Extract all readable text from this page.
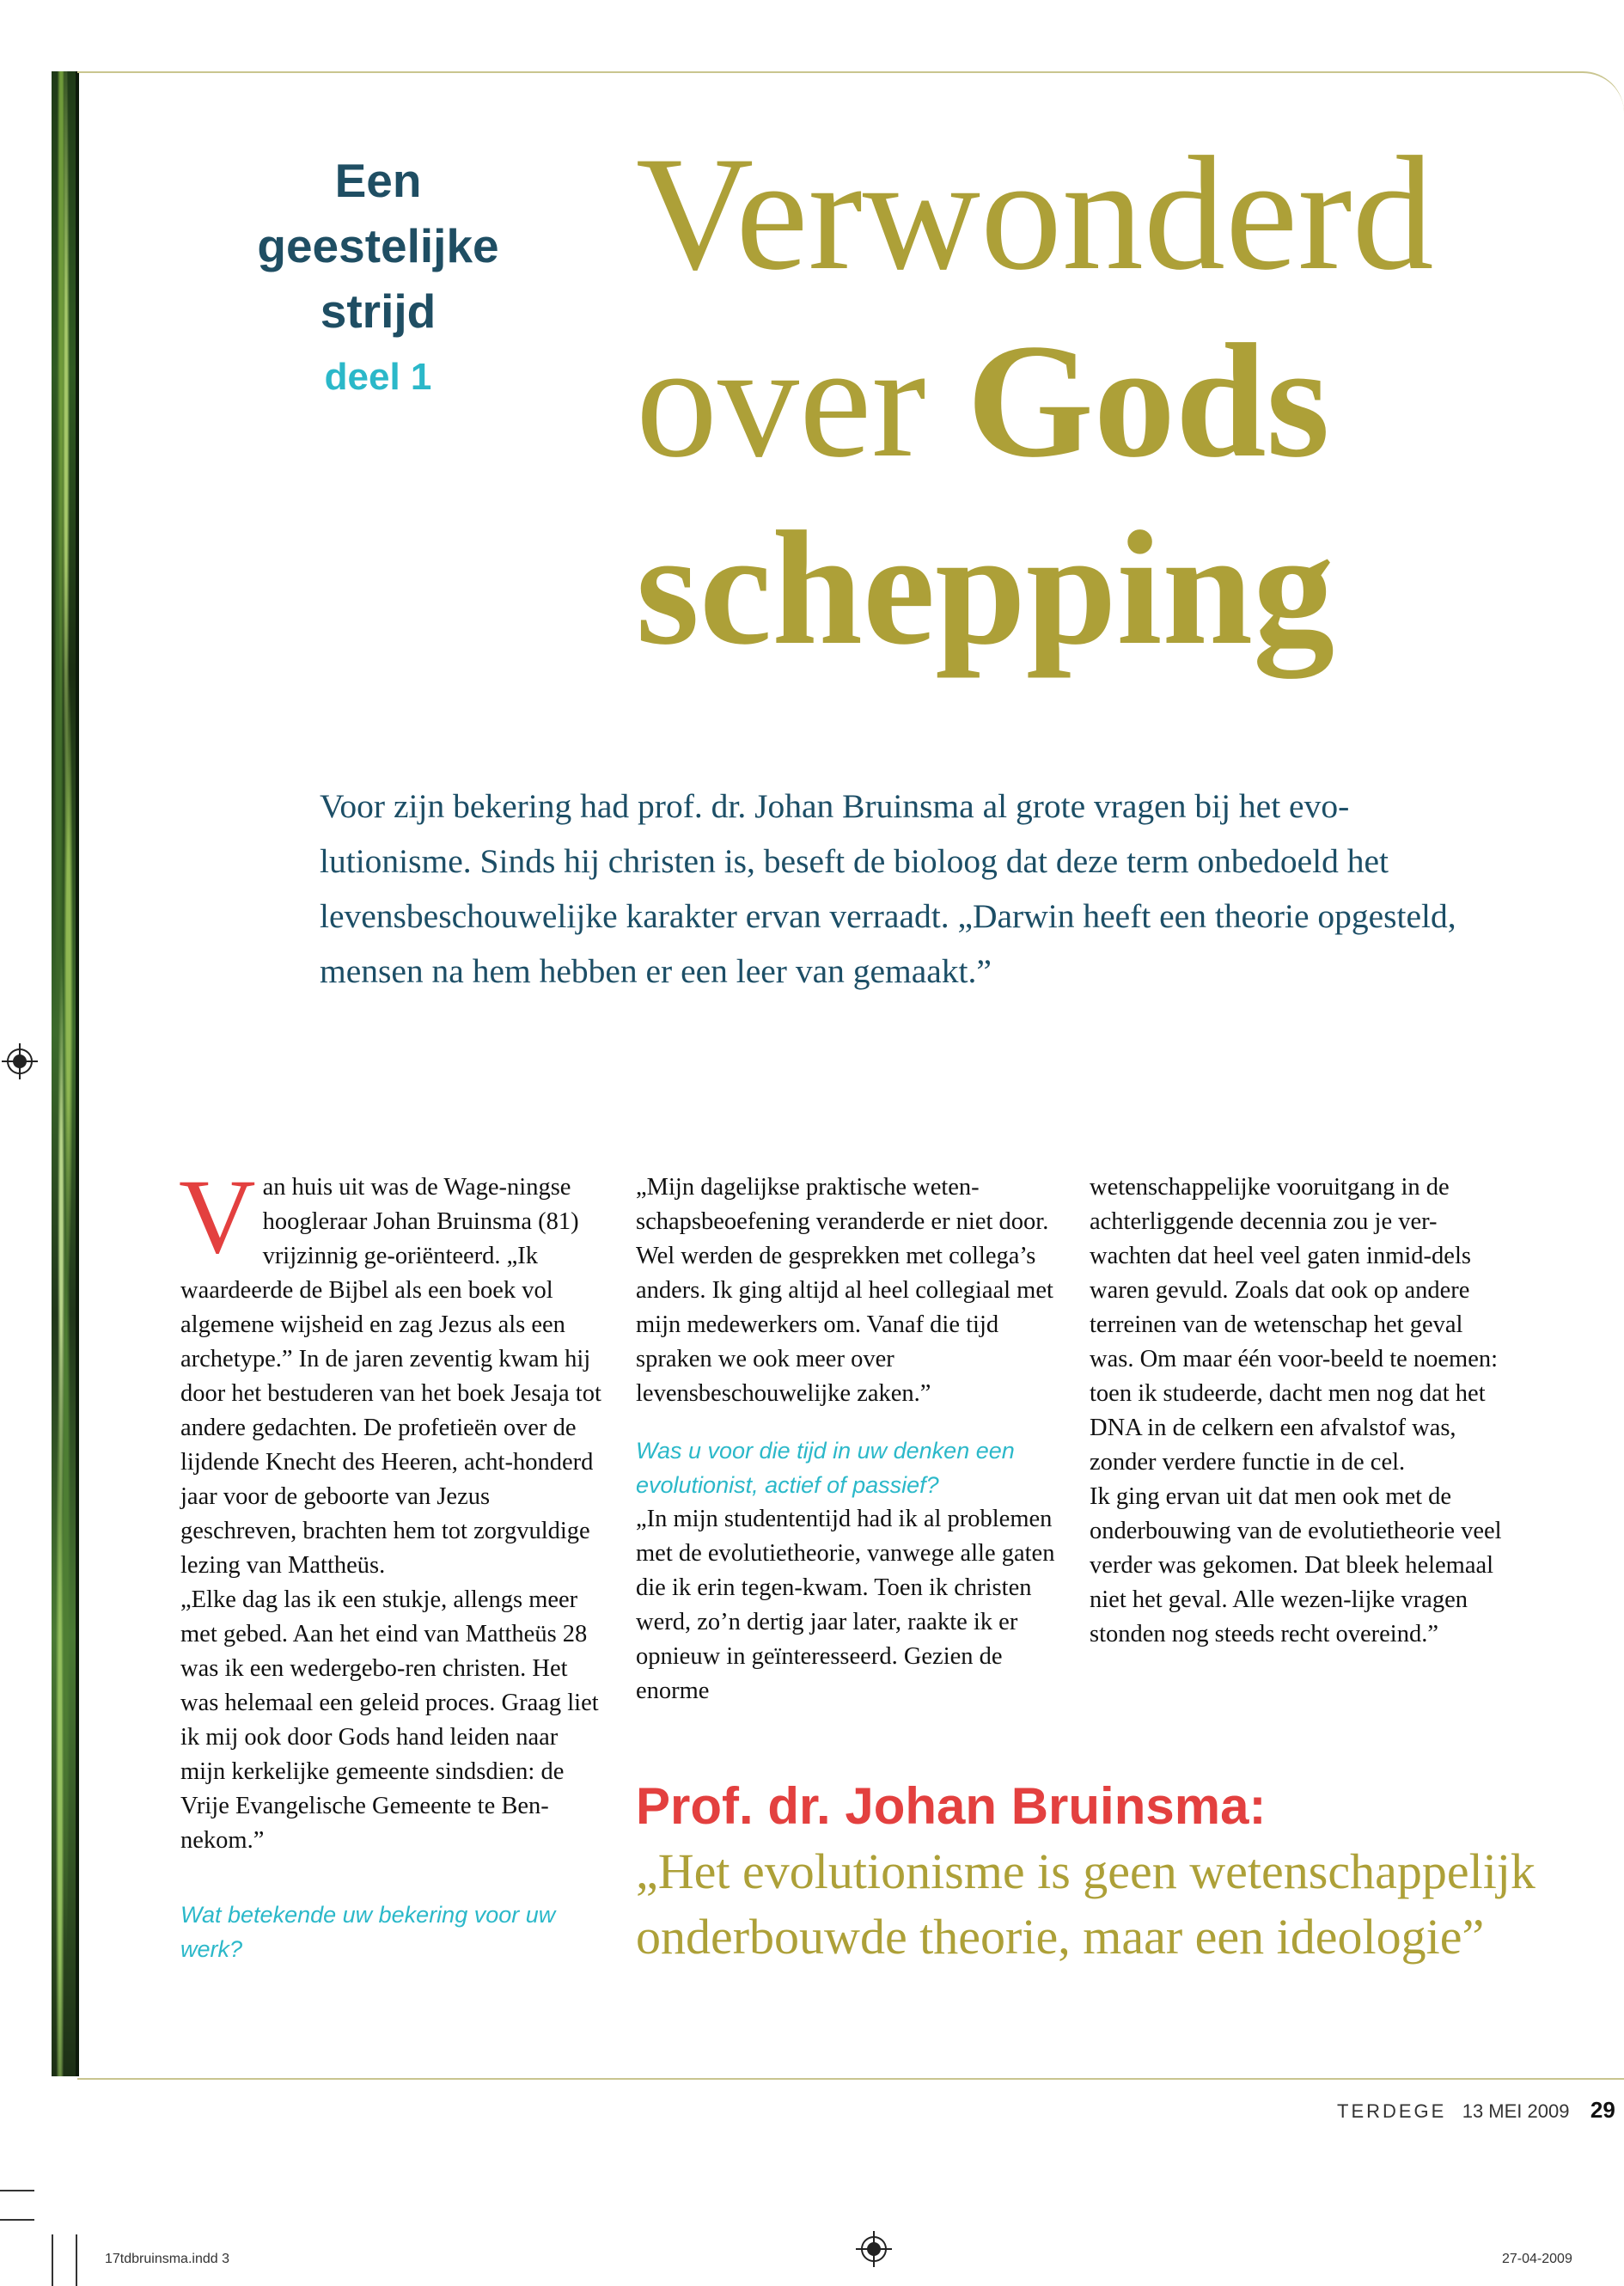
Een
geestelijke
strijd
deel 1
Verwonderd
over Gods
schepping
Voor zijn bekering had prof. dr. Johan Bruinsma al grote vragen bij het evo-lutionisme. Sinds hij christen is, beseft de bioloog dat deze term onbedoeld het levensbeschouwelijke karakter ervan verraadt. „Darwin heeft een theorie opgesteld, mensen na hem hebben er een leer van gemaakt.”

Van huis uit was de Wage-ningse hoogleraar Johan Bruinsma (81) vrijzinnig ge-oriënteerd. „Ik waardeerde de Bijbel als een boek vol algemene wijsheid en zag Jezus als een archetype.” In de jaren zeventig kwam hij door het bestuderen van het boek Jesaja tot andere gedachten. De profetieën over de lijdende Knecht des Heeren, acht-honderd jaar voor de geboorte van Jezus geschreven, brachten hem tot zorgvuldige lezing van Mattheüs.

„Elke dag las ik een stukje, allengs meer met gebed. Aan het eind van Mattheüs 28 was ik een wedergebo-ren christen. Het was helemaal een geleid proces. Graag liet ik mij ook door Gods hand leiden naar mijn kerkelijke gemeente sindsdien: de Vrije Evangelische Gemeente te Ben-nekom.”

Wat betekende uw bekering voor uw werk?

„Mijn dagelijkse praktische weten-schapsbeoefening veranderde er niet door. Wel werden de gesprekken met collega’s anders. Ik ging altijd al heel collegiaal met mijn medewerkers om. Vanaf die tijd spraken we ook meer over levensbeschouwelijke zaken.”

Was u voor die tijd in uw denken een evolutionist, actief of passief?

„In mijn studententijd had ik al problemen met de evolutietheorie, vanwege alle gaten die ik erin tegen-kwam. Toen ik christen werd, zo’n dertig jaar later, raakte ik er opnieuw in geïnteresseerd. Gezien de enorme

wetenschappelijke vooruitgang in de achterliggende decennia zou je ver-wachten dat heel veel gaten inmid-dels waren gevuld. Zoals dat ook op andere terreinen van de wetenschap het geval was. Om maar één voor-beeld te noemen: toen ik studeerde, dacht men nog dat het DNA in de celkern een afvalstof was, zonder verdere functie in de cel.

Ik ging ervan uit dat men ook met de onderbouwing van de evolutietheorie veel verder was gekomen. Dat bleek helemaal niet het geval. Alle wezen-lijke vragen stonden nog steeds recht overeind.”

Prof. dr. Johan Bruinsma:
„Het evolutionisme is geen wetenschappelijk onderbouwde theorie, maar een ideologie”
TERDEGE 13 MEI 2009 29
17tdbruinsma.indd 3	27-04-2009
